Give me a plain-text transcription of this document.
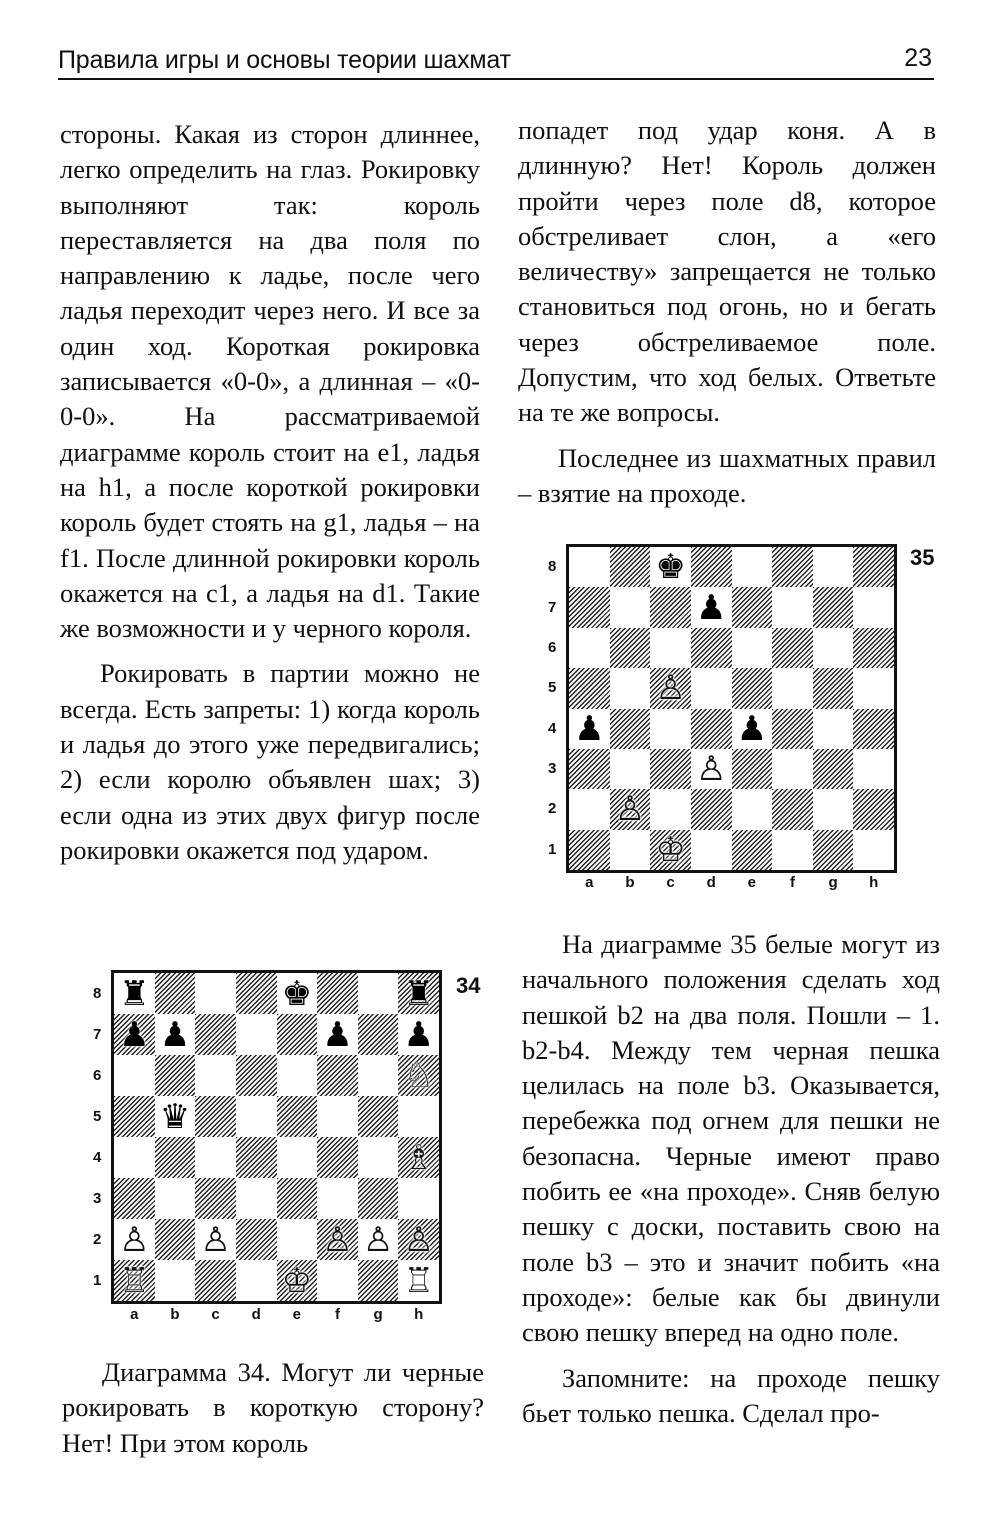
Правила игры и основы теории шахмат	23

стороны. Какая из сторон длиннее, легко определить на глаз. Рокировку выполняют так: король переставляется на два поля по направлению к ладье, после чего ладья переходит через него. И все за один ход. Короткая рокировка записывается «0-0», а длинная – «0-0-0». На рассматриваемой диаграмме король стоит на e1, ладья на h1, а после короткой рокировки король будет стоять на g1, ладья – на f1. После длинной рокировки король окажется на c1, а ладья на d1. Такие же возможности и у черного короля.

Рокировать в партии можно не всегда. Есть запреты: 1) когда король и ладья до этого уже передвигались; 2) если королю объявлен шах; 3) если одна из этих двух фигур после рокировки окажется под ударом.

34
♜	♚	♜
♟ ♟	♟ ♟
♘
♛
♗
♙ ♙	♙ ♙ ♙
♖	♔	♖
8
7
6
5
4
3
2
1
a	b	c	d	e	f	g	h

Диаграмма 34. Могут ли черные рокировать в короткую сторону? Нет! При этом король

попадет под удар коня. А в длинную? Нет! Король должен пройти через поле d8, которое обстреливает слон, а «его величеству» запрещается не только становиться под огонь, но и бегать через обстреливаемое поле. Допустим, что ход белых. Ответьте на те же вопросы.

Последнее из шахматных правил – взятие на проходе.

35
♚
♟
♙
♟	♟
♙
♙
♔
8
7
6
5
4
3
2
1
a	b	c	d	e	f	g	h

На диаграмме 35 белые могут из начального положения сделать ход пешкой b2 на два поля. Пошли – 1. b2-b4. Между тем черная пешка целилась на поле b3. Оказывается, перебежка под огнем для пешки не безопасна. Черные имеют право побить ее «на проходе». Сняв белую пешку с доски, поставить свою на поле b3 – это и значит побить «на проходе»: белые как бы двинули свою пешку вперед на одно поле.

Запомните: на проходе пешку бьет только пешка. Сделал про-
